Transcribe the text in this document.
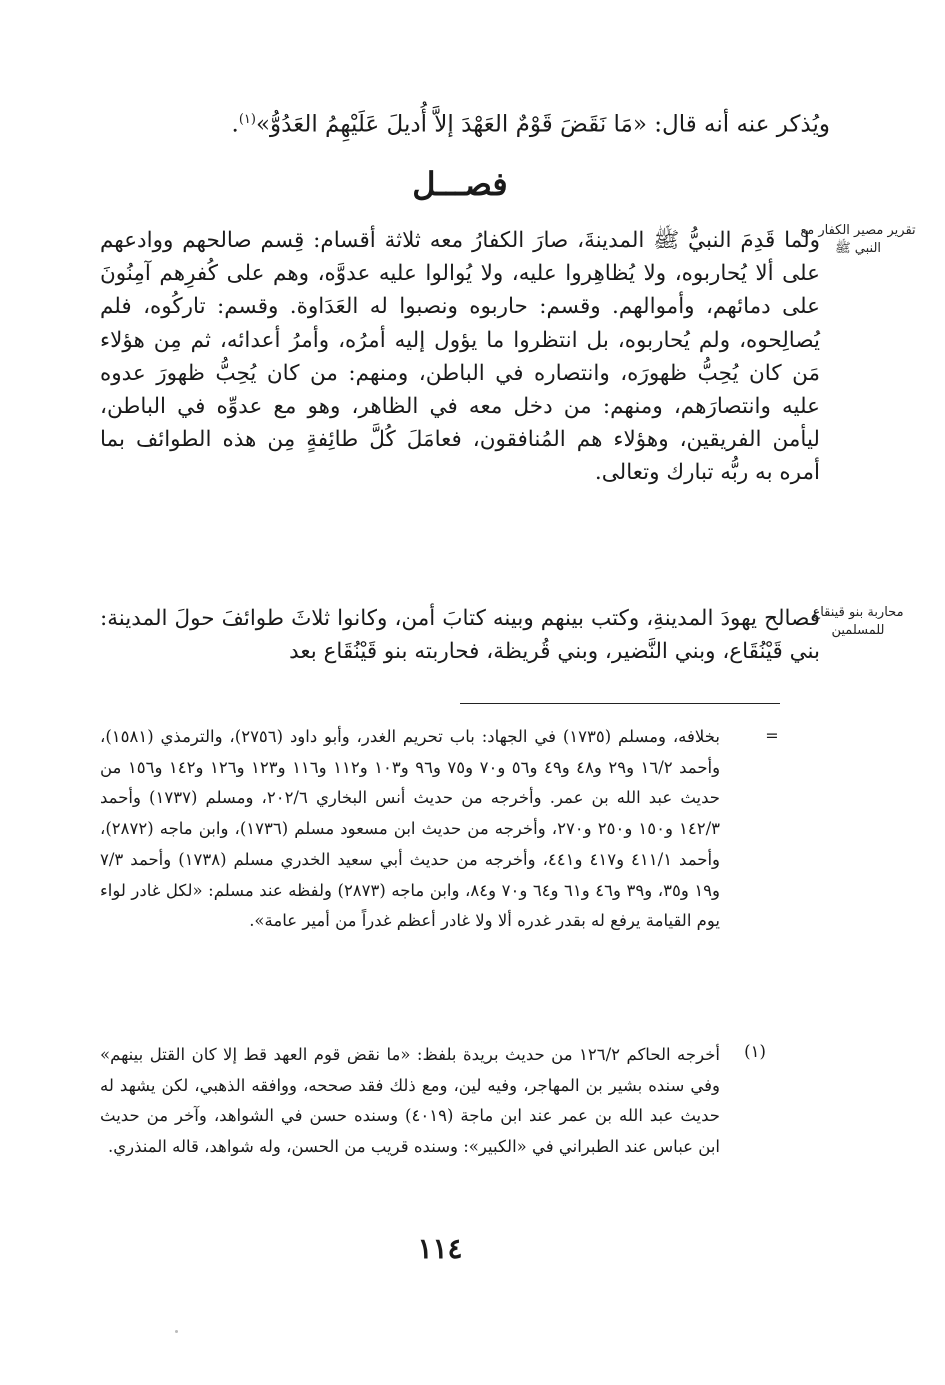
ويُذكر عنه أنه قال: «مَا نَقَضَ قَوْمٌ العَهْدَ إلاَّ أُديلَ عَلَيْهِمُ العَدُوُّ»$^{(١)}$.
فصـــل
تقرير مصير الكفار مع النبي ﷺ

ولما قَدِمَ النبيُّ ﷺ المدينةَ، صارَ الكفارُ معه ثلاثة أقسام: قِسم صالحهم ووادعهم على ألا يُحاربوه، ولا يُظاهِروا عليه، ولا يُوالوا عليه عدوَّه، وهم على كُفرِهم آمِنُونَ على دمائهم، وأموالهم. وقسم: حاربوه ونصبوا له العَدَاوة. وقسم: تاركُوه، فلم يُصالِحوه، ولم يُحاربوه، بل انتظروا ما يؤول إليه أمرُه، وأمرُ أعدائه، ثم مِن هؤلاء مَن كان يُحِبُّ ظهورَه، وانتصاره في الباطن، ومنهم: من كان يُحِبُّ ظهورَ عدوه عليه وانتصارَهم، ومنهم: من دخل معه في الظاهر، وهو مع عدوِّه في الباطن، ليأمن الفريقين، وهؤلاء هم المُنافقون، فعامَلَ كُلَّ طائِفةٍ مِن هذه الطوائف بما أمره به ربُّه تبارك وتعالى.

محاربة بنو قينقاع للمسلمين

فصالح يهودَ المدينةِ، وكتب بينهم وبينه كتابَ أمن، وكانوا ثلاثَ طوائفَ حولَ المدينة: بني قَيْنُقَاع، وبني النَّضير، وبني قُريظة، فحاربته بنو قَيْنُقَاع بعد

=

بخلافه، ومسلم (١٧٣٥) في الجهاد: باب تحريم الغدر، وأبو داود (٢٧٥٦)، والترمذي (١٥٨١)، وأحمد ١٦/٢ و٢٩ و٤٨ و٤٩ و٥٦ و٧٠ و٧٥ و٩٦ و١٠٣ و١١٢ و١١٦ و١٢٣ و١٢٦ و١٤٢ و١٥٦ من حديث عبد الله بن عمر. وأخرجه من حديث أنس البخاري ٢٠٢/٦، ومسلم (١٧٣٧) وأحمد ١٤٢/٣ و١٥٠ و٢٥٠ و٢٧٠، وأخرجه من حديث ابن مسعود مسلم (١٧٣٦)، وابن ماجه (٢٨٧٢)، وأحمد ٤١١/١ و٤١٧ و٤٤١، وأخرجه من حديث أبي سعيد الخدري مسلم (١٧٣٨) وأحمد ٧/٣ و١٩ و٣٥، و٣٩ و٤٦ و٦١ و٦٤ و٧٠ و٨٤، وابن ماجه (٢٨٧٣) ولفظه عند مسلم: «لكل غادر لواء يوم القيامة يرفع له بقدر غدره ألا ولا غادر أعظم غدراً من أمير عامة».

(١)

أخرجه الحاكم ١٢٦/٢ من حديث بريدة بلفظ: «ما نقض قوم العهد قط إلا كان القتل بينهم» وفي سنده بشير بن المهاجر، وفيه لين، ومع ذلك فقد صححه، ووافقه الذهبي، لكن يشهد له حديث عبد الله بن عمر عند ابن ماجة (٤٠١٩) وسنده حسن في الشواهد، وآخر من حديث ابن عباس عند الطبراني في «الكبير»: وسنده قريب من الحسن، وله شواهد، قاله المنذري.

١١٤
